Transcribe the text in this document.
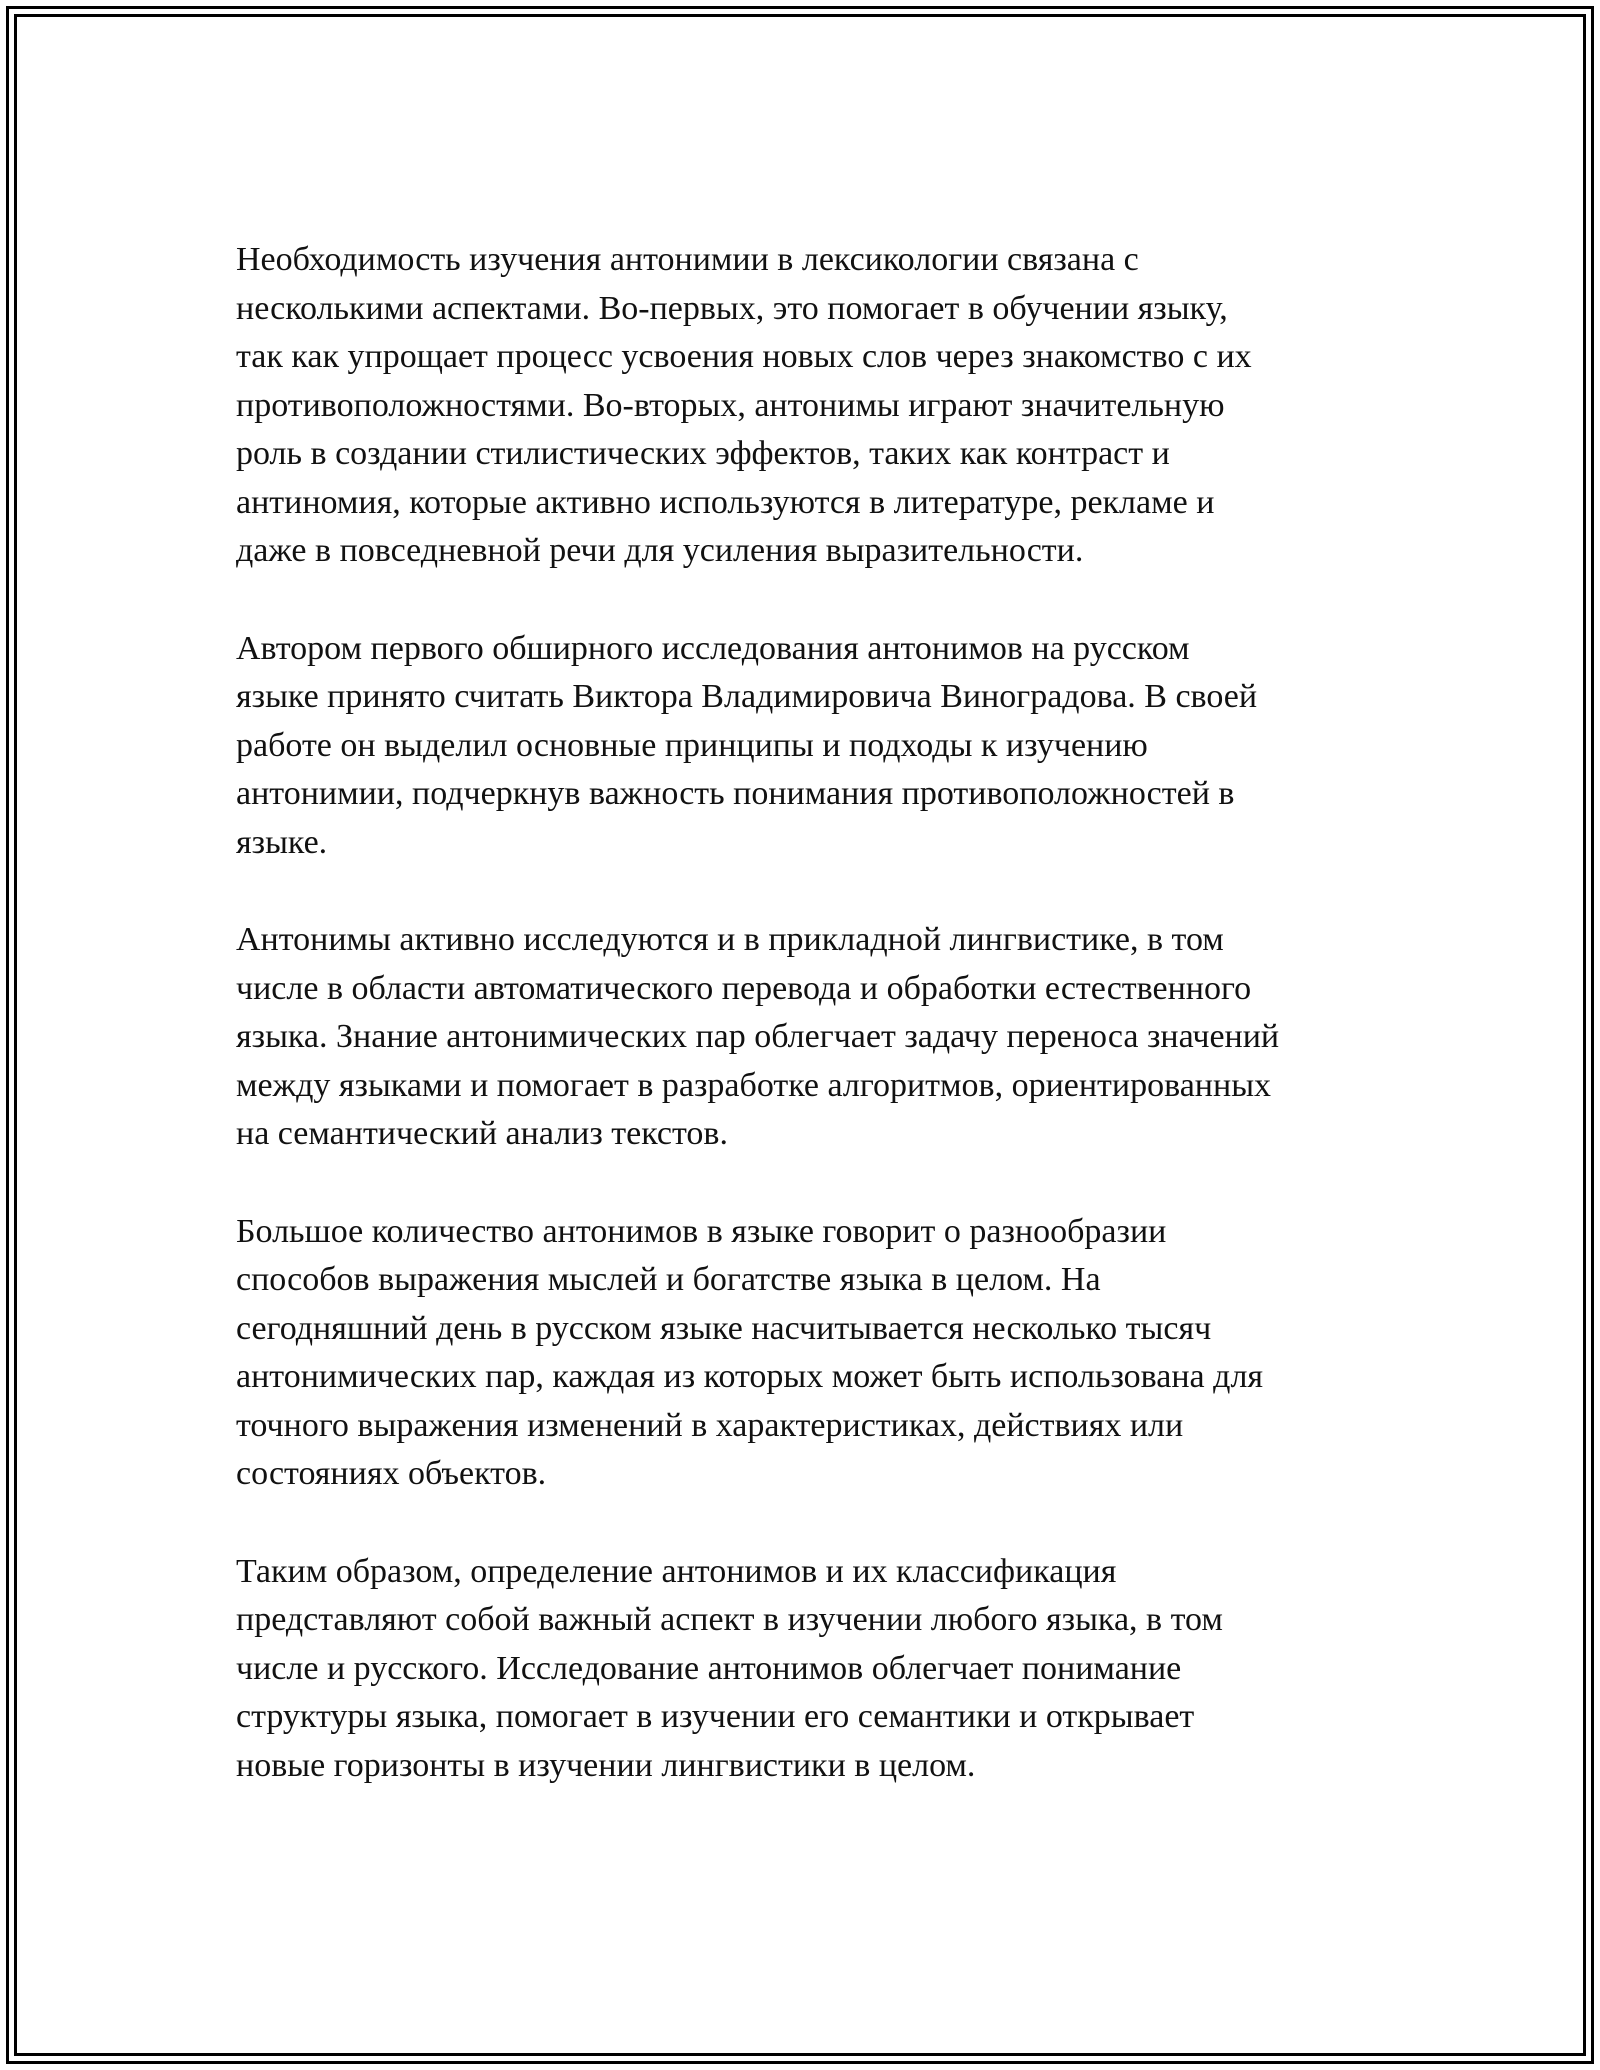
Необходимость изучения антонимии в лексикологии связана с
несколькими аспектами. Во-первых, это помогает в обучении языку,
так как упрощает процесс усвоения новых слов через знакомство с их
противоположностями. Во-вторых, антонимы играют значительную
роль в создании стилистических эффектов, таких как контраст и
антиномия, которые активно используются в литературе, рекламе и
даже в повседневной речи для усиления выразительности.

Автором первого обширного исследования антонимов на русском
языке принято считать Виктора Владимировича Виноградова. В своей
работе он выделил основные принципы и подходы к изучению
антонимии, подчеркнув важность понимания противоположностей в
языке.

Антонимы активно исследуются и в прикладной лингвистике, в том
числе в области автоматического перевода и обработки естественного
языка. Знание антонимических пар облегчает задачу переноса значений
между языками и помогает в разработке алгоритмов, ориентированных
на семантический анализ текстов.

Большое количество антонимов в языке говорит о разнообразии
способов выражения мыслей и богатстве языка в целом. На
сегодняшний день в русском языке насчитывается несколько тысяч
антонимических пар, каждая из которых может быть использована для
точного выражения изменений в характеристиках, действиях или
состояниях объектов.

Таким образом, определение антонимов и их классификация
представляют собой важный аспект в изучении любого языка, в том
числе и русского. Исследование антонимов облегчает понимание
структуры языка, помогает в изучении его семантики и открывает
новые горизонты в изучении лингвистики в целом.
